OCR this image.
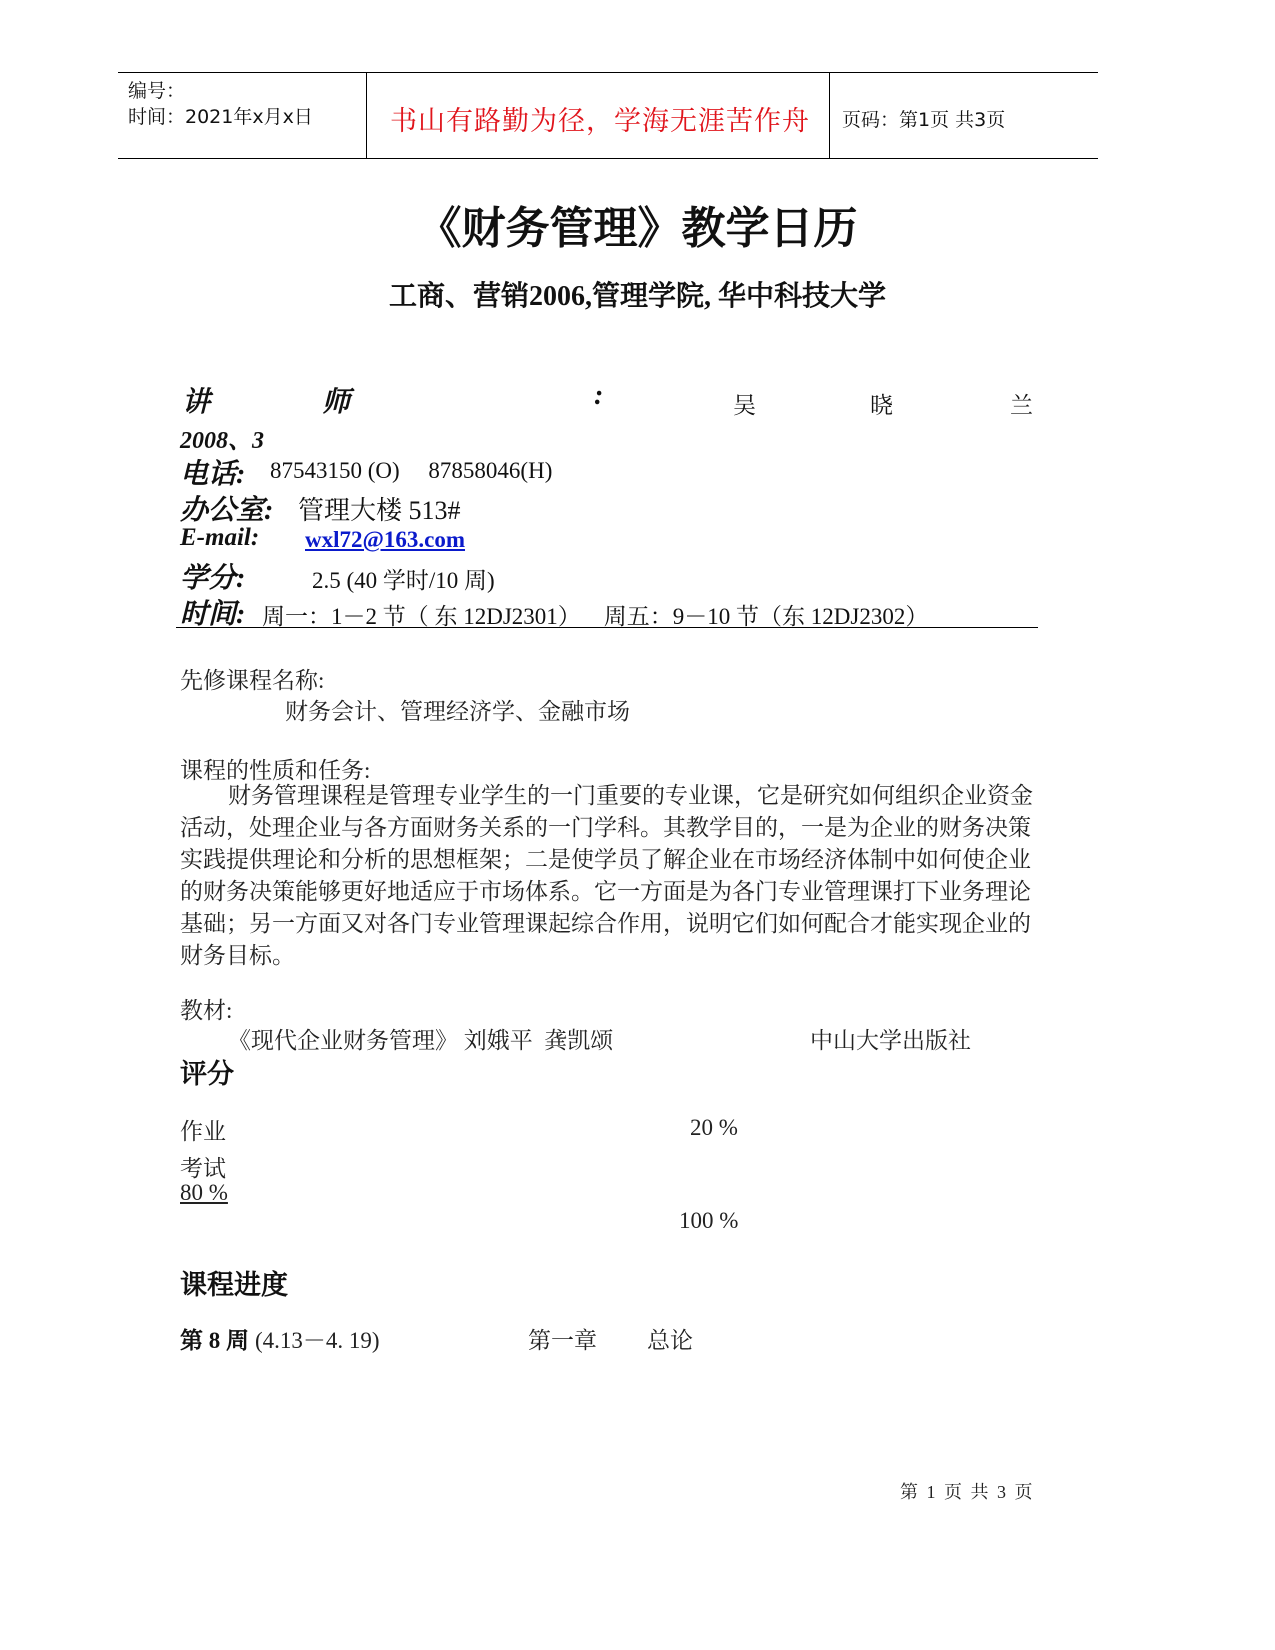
编号：
时间：2021年x月x日	书山有路勤为径，学海无涯苦作舟 页码：第1页 共3页
《财务管理》教学日历
工商、营销2006,管理学院, 华中科技大学
讲	师	:	吴	晓	兰
2008、3
电话: 87543150 (O)     87858046(H)
办公室: 管理大楼 513#
E-mail: wxl72@163.com
学分:	2.5 (40 学时/10 周)
时间: 周一：1－2 节（ 东 12DJ2301）    周五：9－10 节（东 12DJ2302）
先修课程名称:
财务会计、管理经济学、金融市场
课程的性质和任务:
财务管理课程是管理专业学生的一门重要的专业课，它是研究如何组织企业资金活动，处理企业与各方面财务关系的一门学科。其教学目的，一是为企业的财务决策实践提供理论和分析的思想框架；二是使学员了解企业在市场经济体制中如何使企业的财务决策能够更好地适应于市场体系。它一方面是为各门专业管理课打下业务理论基础；另一方面又对各门专业管理课起综合作用，说明它们如何配合才能实现企业的财务目标。
教材:
《现代企业财务管理》 刘娥平  龚凯颂	中山大学出版社
评分
作业	20 %
考试
80 %
100 %
课程进度
第 8 周 (4.13－4. 19)	第一章 总论
第 1 页 共 3 页
